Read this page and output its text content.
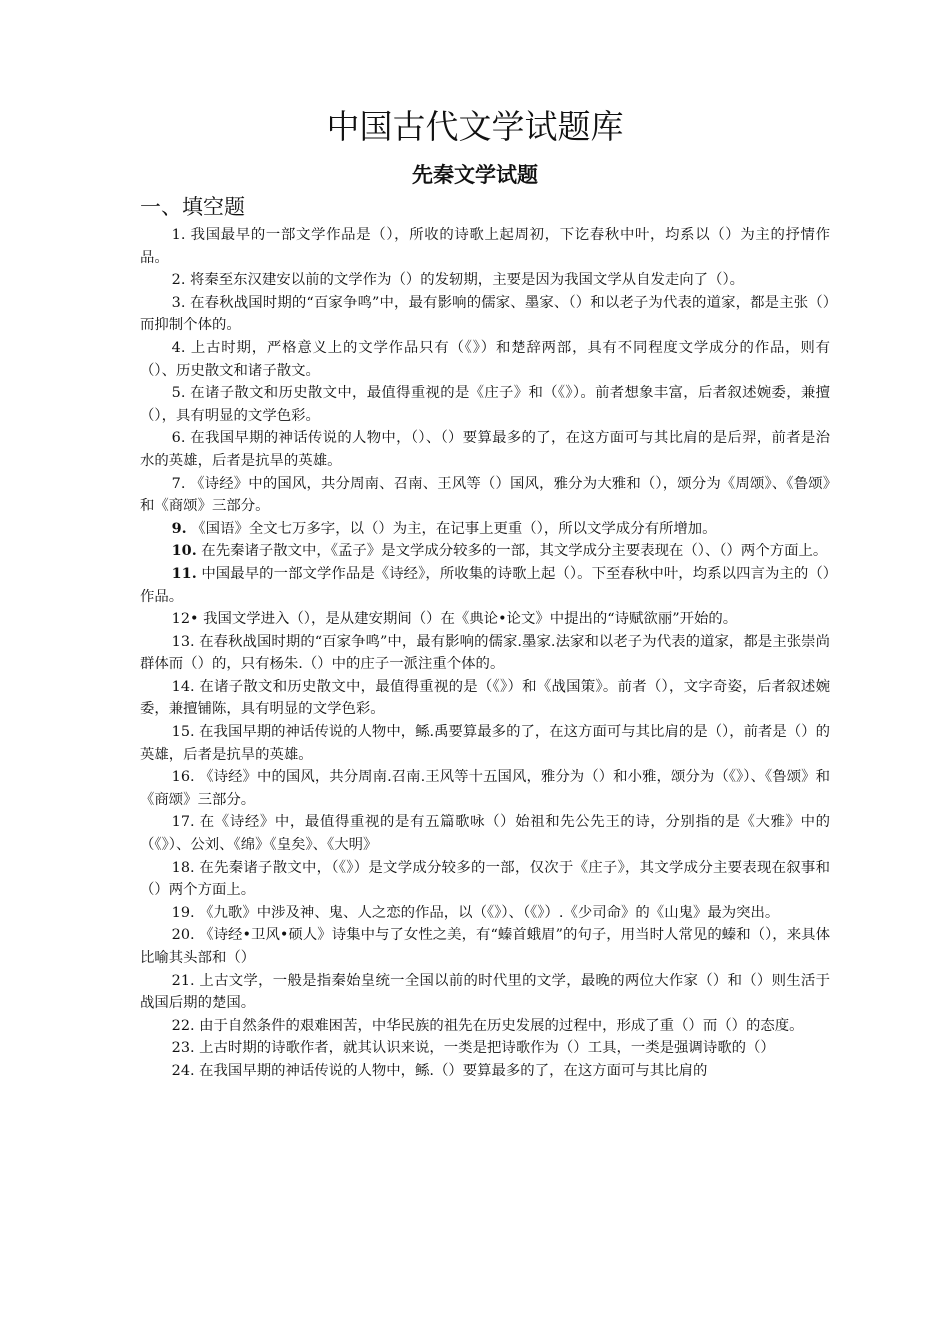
中国古代文学试题库
先秦文学试题
一、填空题
1. 我国最早的一部文学作品是（），所收的诗歌上起周初，下讫春秋中叶，均系以（）为主的抒情作品。
2. 将秦至东汉建安以前的文学作为（）的发轫期，主要是因为我国文学从自发走向了（）。
3. 在春秋战国时期的“百家争鸣”中，最有影响的儒家、墨家、（）和以老子为代表的道家，都是主张（）而抑制个体的。
4. 上古时期，严格意义上的文学作品只有（《》）和楚辞两部，具有不同程度文学成分的作品，则有（）、历史散文和诸子散文。
5. 在诸子散文和历史散文中，最值得重视的是《庄子》和（《》）。前者想象丰富，后者叙述婉委，兼擅（），具有明显的文学色彩。
6. 在我国早期的神话传说的人物中，（）、（）要算最多的了，在这方面可与其比肩的是后羿，前者是治水的英雄，后者是抗旱的英雄。
7. 《诗经》中的国风，共分周南、召南、王风等（）国风，雅分为大雅和（），颂分为《周颂》、《鲁颂》和《商颂》三部分。
9. 《国语》全文七万多字，以（）为主，在记事上更重（），所以文学成分有所增加。
10. 在先秦诸子散文中，《孟子》是文学成分较多的一部，其文学成分主要表现在（）、（）两个方面上。
11. 中国最早的一部文学作品是《诗经》，所收集的诗歌上起（）。下至春秋中叶，均系以四言为主的（）作品。
12• 我国文学进入（），是从建安期间（）在《典论•论文》中提出的“诗赋欲丽”开始的。
13. 在春秋战国时期的“百家争鸣”中，最有影响的儒家.墨家.法家和以老子为代表的道家，都是主张崇尚群体而（）的，只有杨朱.（）中的庄子一派注重个体的。
14. 在诸子散文和历史散文中，最值得重视的是（《》）和《战国策》。前者（），文字奇姿，后者叙述婉委，兼擅铺陈，具有明显的文学色彩。
15. 在我国早期的神话传说的人物中，鲧.禹要算最多的了，在这方面可与其比肩的是（），前者是（）的英雄，后者是抗旱的英雄。
16. 《诗经》中的国风，共分周南.召南.王风等十五国风，雅分为（）和小雅，颂分为（《》）、《鲁颂》和《商颂》三部分。
17. 在《诗经》中，最值得重视的是有五篇歌咏（）始祖和先公先王的诗，分别指的是《大雅》中的（《》）、公刘、《绵》《皇矣》、《大明》
18. 在先秦诸子散文中，（《》）是文学成分较多的一部，仅次于《庄子》，其文学成分主要表现在叙事和（）两个方面上。
19. 《九歌》中涉及神、鬼、人之恋的作品，以（《》）、（《》）.《少司命》的《山鬼》最为突出。
20. 《诗经•卫风•硕人》诗集中与了女性之美，有“螓首蛾眉”的句子，用当时人常见的螓和（），来具体比喻其头部和（）
21. 上古文学，一般是指秦始皇统一全国以前的时代里的文学，最晚的两位大作家（）和（）则生活于战国后期的楚国。
22. 由于自然条件的艰难困苦，中华民族的祖先在历史发展的过程中，形成了重（）而（）的态度。
23. 上古时期的诗歌作者，就其认识来说，一类是把诗歌作为（）工具，一类是强调诗歌的（）
24. 在我国早期的神话传说的人物中，鲧.（）要算最多的了，在这方面可与其比肩的
